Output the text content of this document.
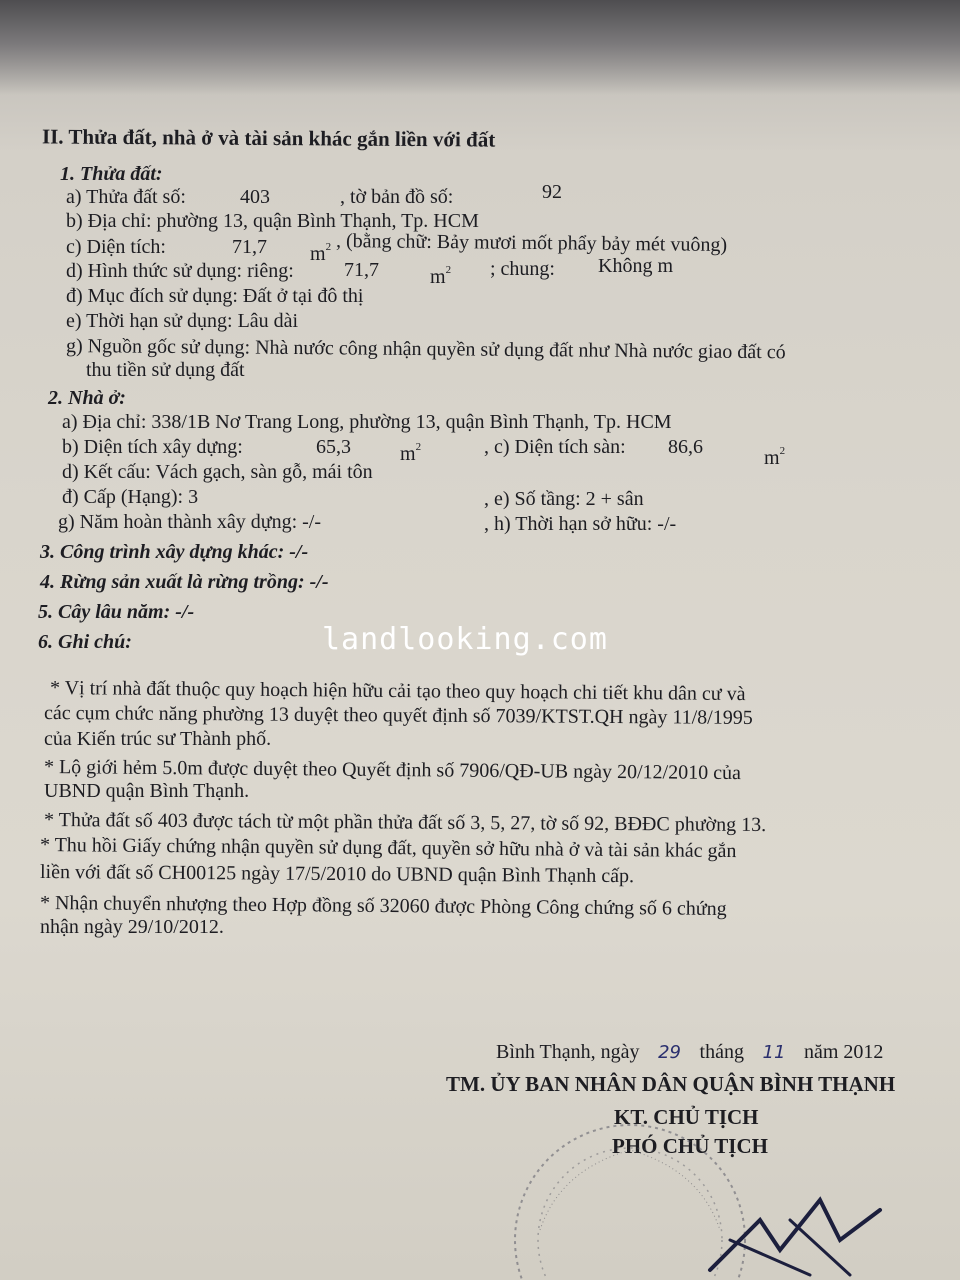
II. Thửa đất, nhà ở và tài sản khác gắn liền với đất
1. Thửa đất:
a) Thửa đất số:	403	, tờ bản đồ số:	92
b) Địa chỉ: phường 13, quận Bình Thạnh, Tp. HCM
c) Diện tích:	71,7 $m^2$ , (bằng chữ: Bảy mươi mốt phẩy bảy mét vuông)
d) Hình thức sử dụng: riêng:	71,7	$m^2$ ; chung: Không m
đ) Mục đích sử dụng: Đất ở tại đô thị
e) Thời hạn sử dụng: Lâu dài
g) Nguồn gốc sử dụng: Nhà nước công nhận quyền sử dụng đất như Nhà nước giao đất có
thu tiền sử dụng đất
2. Nhà ở:
a) Địa chỉ: 338/1B Nơ Trang Long, phường 13, quận Bình Thạnh, Tp. HCM
b) Diện tích xây dựng:	65,3 $m^2$	, c) Diện tích sàn: 86,6	$m^2$
d) Kết cấu: Vách gạch, sàn gỗ, mái tôn
đ) Cấp (Hạng): 3	, e) Số tầng: 2 + sân
g) Năm hoàn thành xây dựng: -/-	, h) Thời hạn sở hữu: -/-
3. Công trình xây dựng khác: -/-
4. Rừng sản xuất là rừng trồng: -/-
5. Cây lâu năm: -/-
6. Ghi chú:	landlooking.com
* Vị trí nhà đất thuộc quy hoạch hiện hữu cải tạo theo quy hoạch chi tiết khu dân cư và
các cụm chức năng phường 13 duyệt theo quyết định số 7039/KTST.QH ngày 11/8/1995
của Kiến trúc sư Thành phố.
* Lộ giới hẻm 5.0m được duyệt theo Quyết định số 7906/QĐ-UB ngày 20/12/2010 của
UBND quận Bình Thạnh.
* Thửa đất số 403 được tách từ một phần thửa đất số 3, 5, 27, tờ số 92, BĐĐC phường 13.
* Thu hồi Giấy chứng nhận quyền sử dụng đất, quyền sở hữu nhà ở và tài sản khác gắn
liền với đất số CH00125 ngày 17/5/2010 do UBND quận Bình Thạnh cấp.
* Nhận chuyển nhượng theo Hợp đồng số 32060 được Phòng Công chứng số 6 chứng
nhận ngày 29/10/2012.
Bình Thạnh, ngày 29 tháng 11 năm 2012
TM. ỦY BAN NHÂN DÂN QUẬN BÌNH THẠNH
KT. CHỦ TỊCH
PHÓ CHỦ TỊCH
